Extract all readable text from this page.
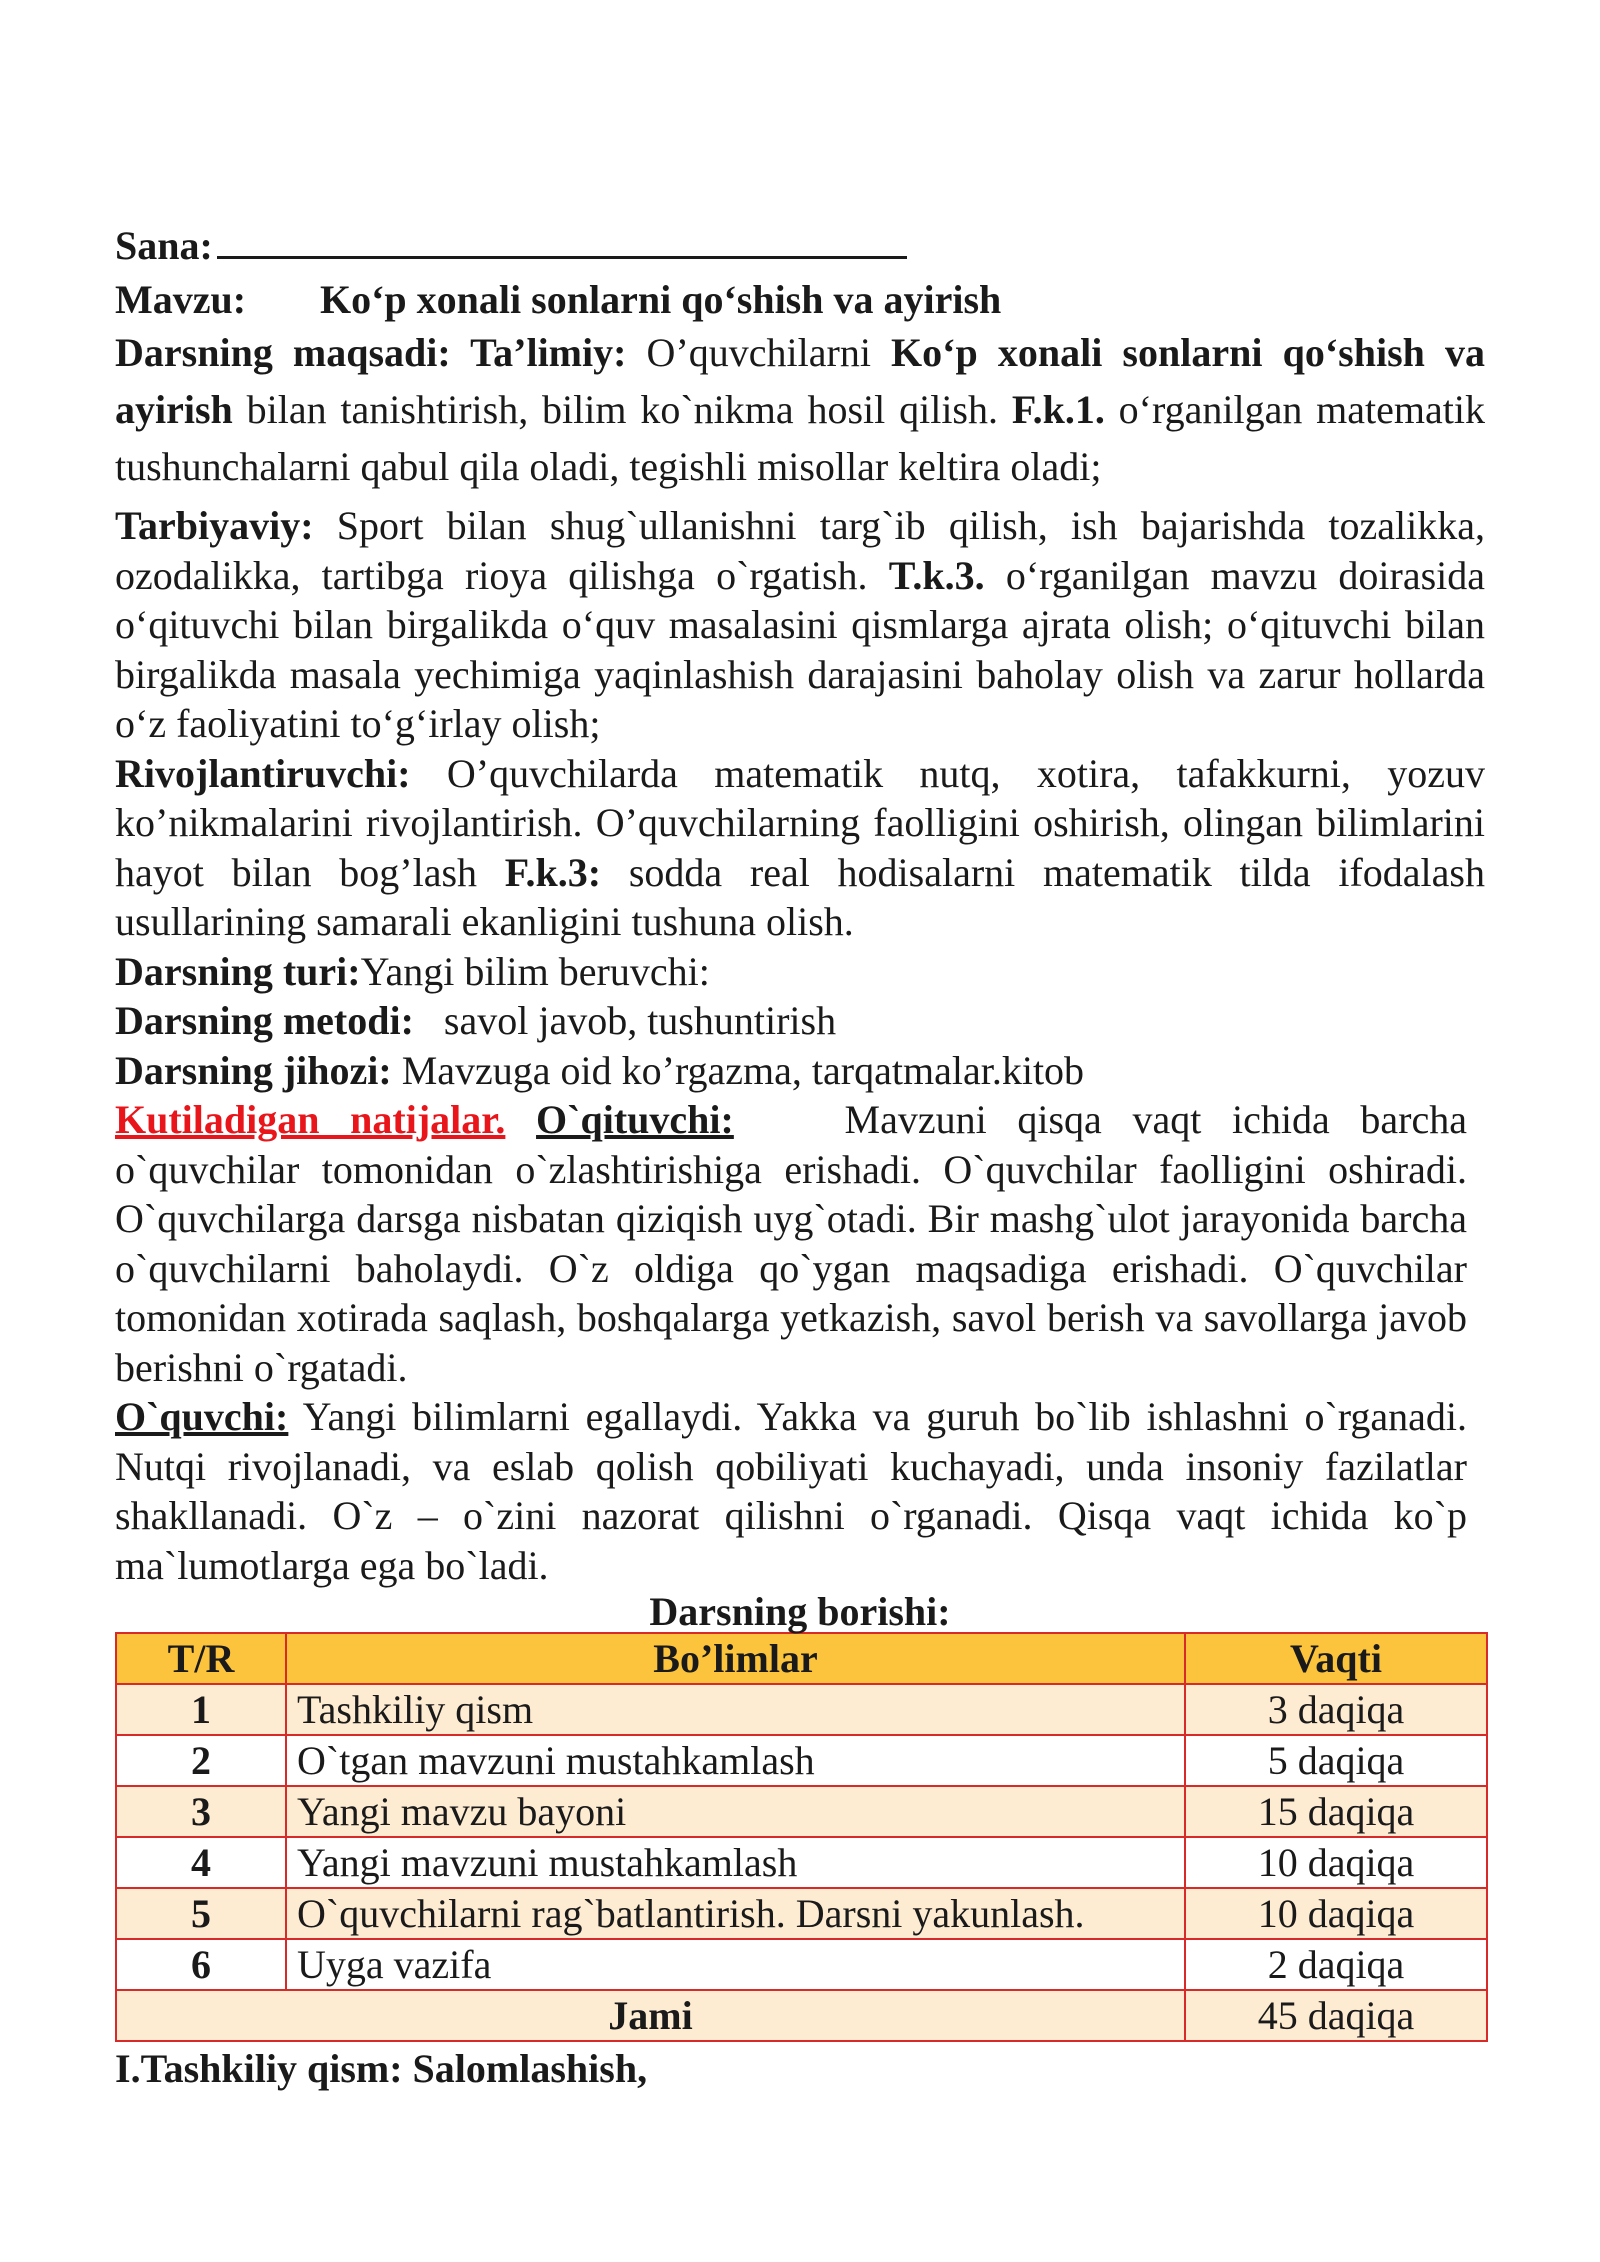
Sana:

Mavzu: Ko‘p xonali sonlarni qo‘shish va ayirish

Darsning maqsadi: Ta’limiy: O’quvchilarni Ko‘p xonali sonlarni qo‘shish va ayirish bilan tanishtirish, bilim ko`nikma hosil qilish. F.k.1. o‘rganilgan matematik tushunchalarni qabul qila oladi, tegishli misollar keltira oladi;

Tarbiyaviy: Sport bilan shug`ullanishni targ`ib qilish, ish bajarishda tozalikka, ozodalikka, tartibga rioya qilishga o`rgatish. T.k.3. o‘rganilgan mavzu doirasida o‘qituvchi bilan birgalikda o‘quv masalasini qismlarga ajrata olish; o‘qituvchi bilan birgalikda masala yechimiga yaqinlashish darajasini baholay olish va zarur hollarda o‘z faoliyatini to‘g‘irlay olish;

Rivojlantiruvchi: O’quvchilarda matematik nutq, xotira, tafakkurni, yozuv ko’nikmalarini rivojlantirish. O’quvchilarning faolligini oshirish, olingan bilimlarini hayot bilan bog’lash F.k.3: sodda real hodisalarni matematik tilda ifodalash usullarining samarali ekanligini tushuna olish.

Darsning turi:Yangi bilim beruvchi:

Darsning metodi:   savol javob, tushuntirish

Darsning jihozi: Mavzuga oid ko’rgazma, tarqatmalar.kitob

Kutiladigan natijalar. O`qituvchi:	Mavzuni qisqa vaqt ichida barcha o`quvchilar tomonidan o`zlashtirishiga erishadi. O`quvchilar faolligini oshiradi. O`quvchilarga darsga nisbatan qiziqish uyg`otadi. Bir mashg`ulot jarayonida barcha o`quvchilarni baholaydi. O`z oldiga qo`ygan maqsadiga erishadi. O`quvchilar tomonidan xotirada saqlash, boshqalarga yetkazish, savol berish va savollarga javob berishni o`rgatadi.

O`quvchi: Yangi bilimlarni egallaydi. Yakka va guruh bo`lib ishlashni o`rganadi. Nutqi rivojlanadi, va eslab qolish qobiliyati kuchayadi, unda insoniy fazilatlar shakllanadi. O`z – o`zini nazorat qilishni o`rganadi. Qisqa vaqt ichida ko`p ma`lumotlarga ega bo`ladi.

Darsning borishi:

T/R	Bo’limlar	Vaqti
1	Tashkiliy qism	3 daqiqa
2	O`tgan mavzuni mustahkamlash	5 daqiqa
3	Yangi mavzu bayoni	15 daqiqa
4	Yangi mavzuni mustahkamlash	10 daqiqa
5	O`quvchilarni rag`batlantirish. Darsni yakunlash.	10 daqiqa
6	Uyga vazifa	2 daqiqa
Jami		45 daqiqa

I.Tashkiliy qism: Salomlashish,
